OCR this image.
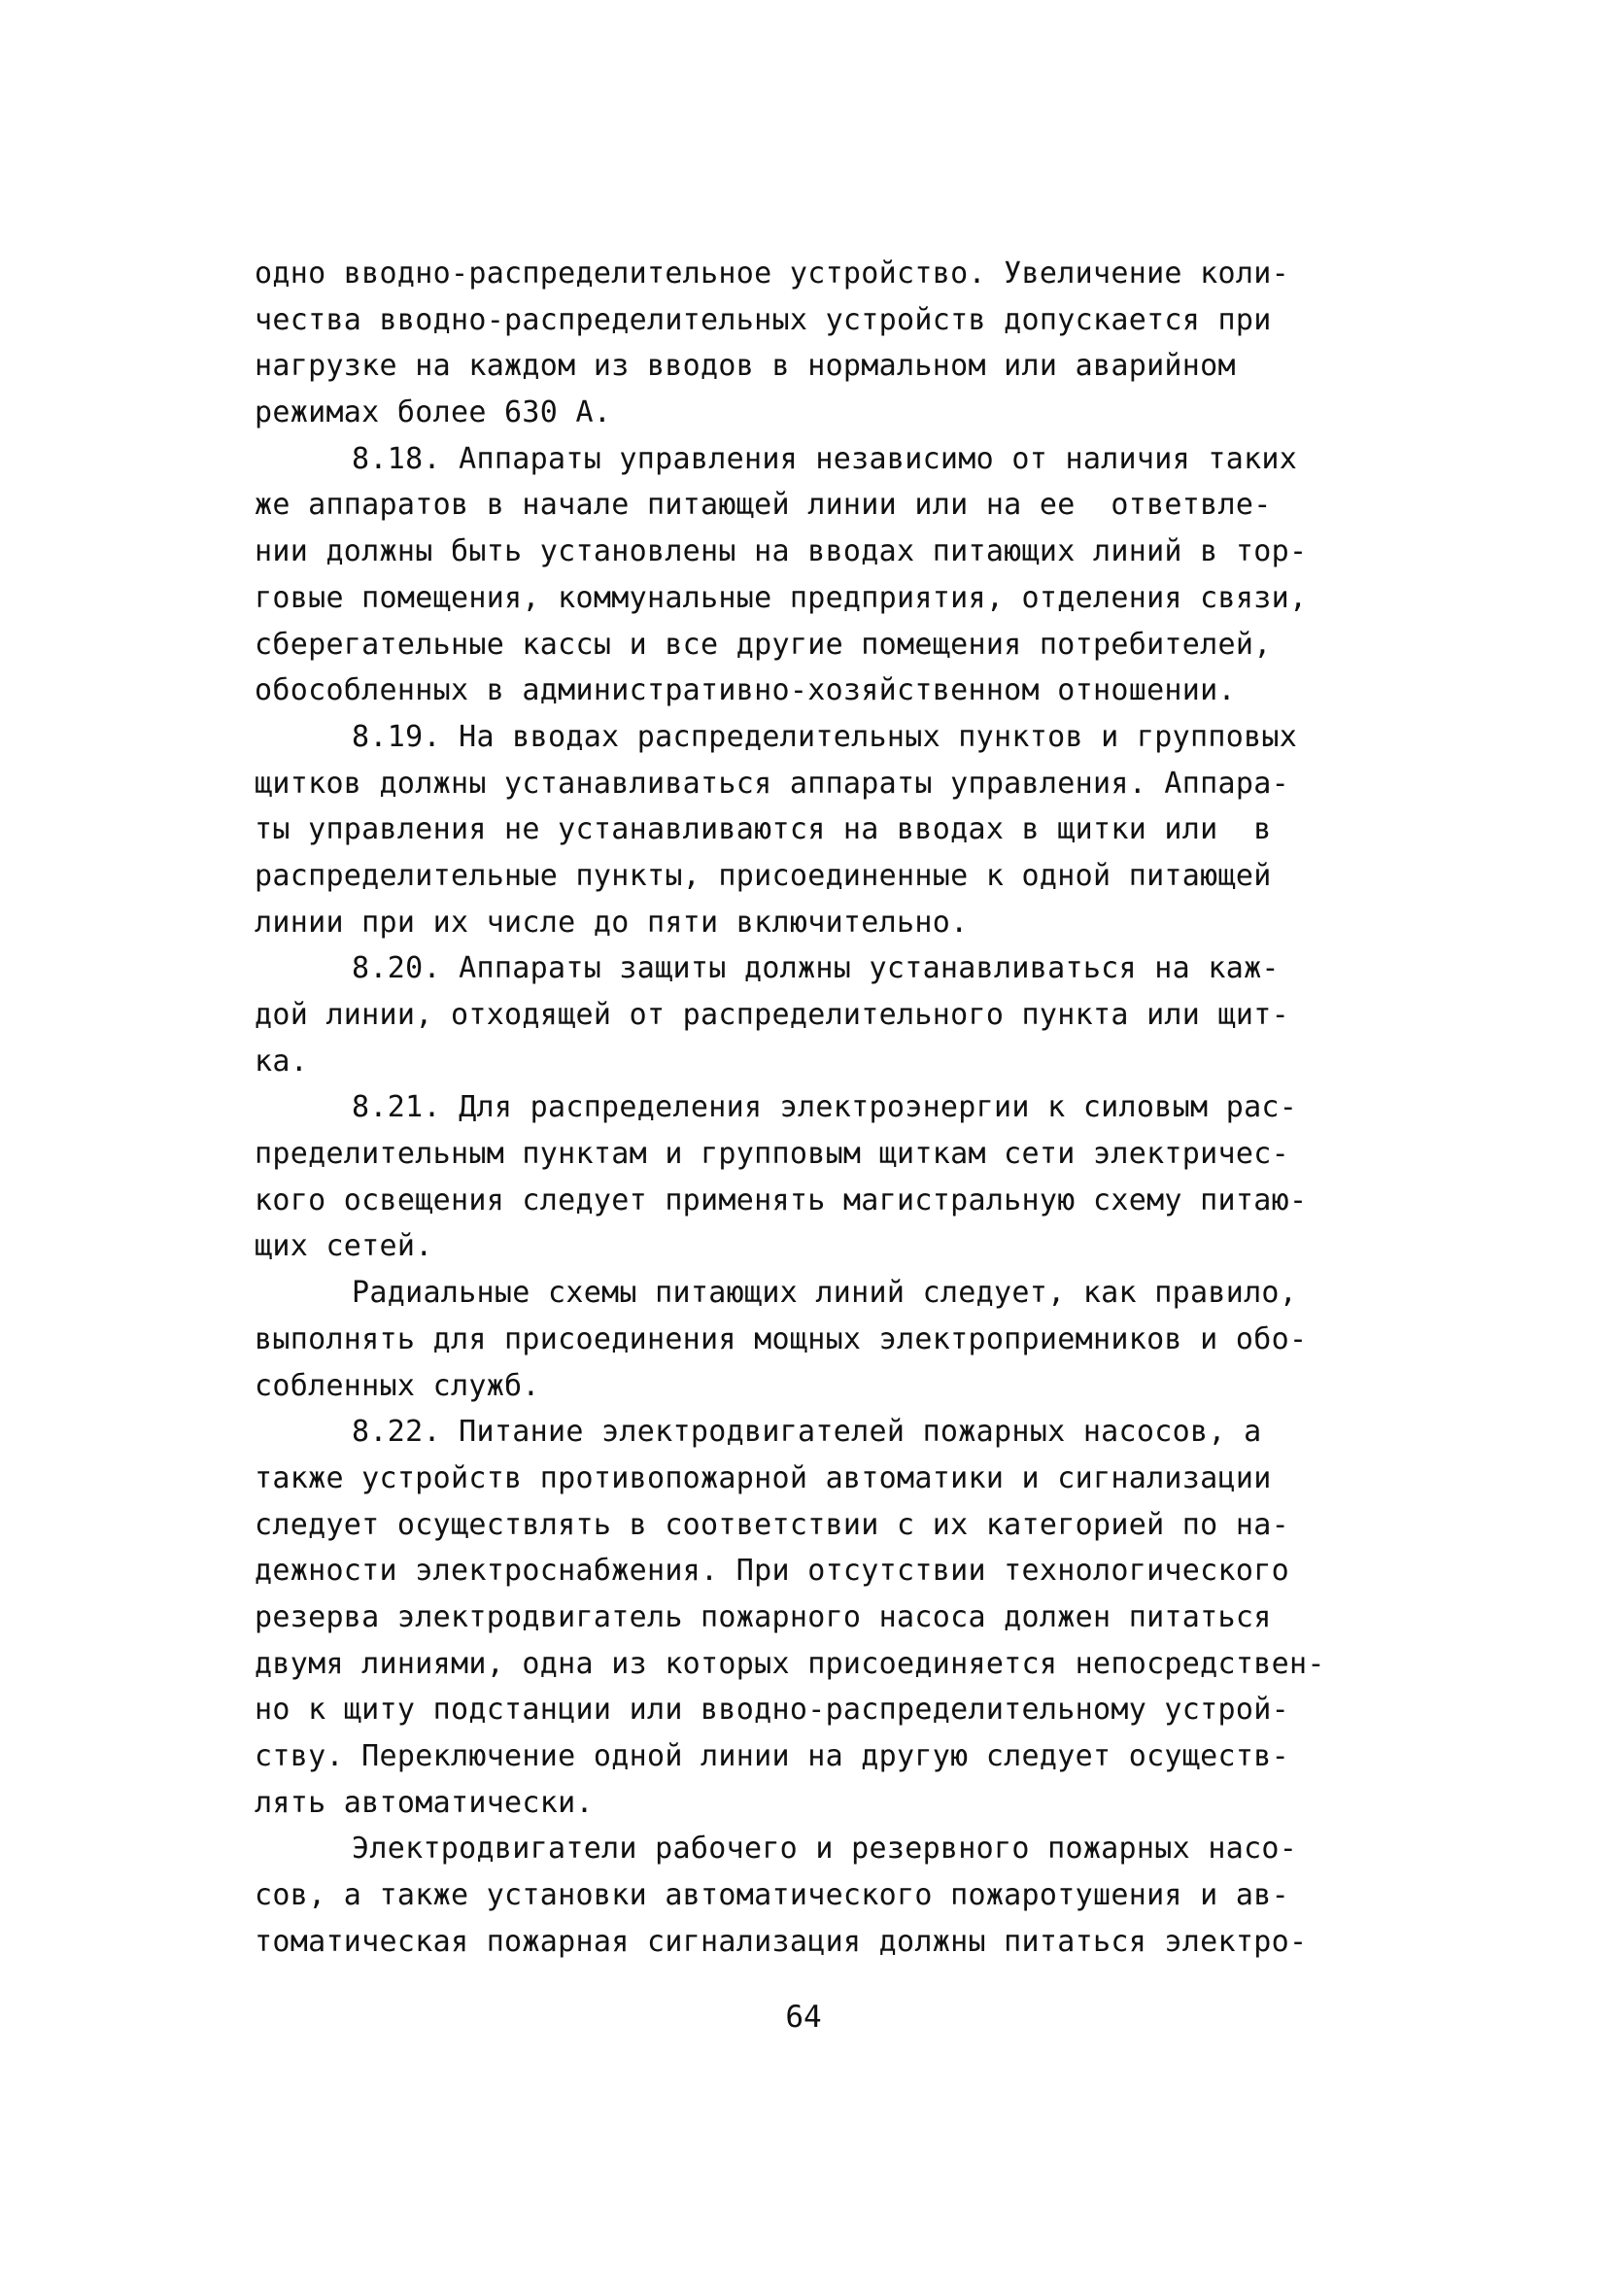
одно вводно-распределительное устройство. Увеличение коли-
чества вводно-распределительных устройств допускается при
нагрузке на каждом из вводов в нормальном или аварийном
режимах более 630 А.
8.18. Аппараты управления независимо от наличия таких
же аппаратов в начале питающей линии или на ее  ответвле-
нии должны быть установлены на вводах питающих линий в тор-
говые помещения, коммунальные предприятия, отделения связи,
сберегательные кассы и все другие помещения потребителей,
обособленных в административно-хозяйственном отношении.
8.19. На вводах распределительных пунктов и групповых
щитков должны устанавливаться аппараты управления. Аппара-
ты управления не устанавливаются на вводах в щитки или  в
распределительные пункты, присоединенные к одной питающей
линии при их числе до пяти включительно.
8.20. Аппараты защиты должны устанавливаться на каж-
дой линии, отходящей от распределительного пункта или щит-
ка.
8.21. Для распределения электроэнергии к силовым рас-
пределительным пунктам и групповым щиткам сети электричес-
кого освещения следует применять магистральную схему питаю-
щих сетей.
Радиальные схемы питающих линий следует, как правило,
выполнять для присоединения мощных электроприемников и обо-
собленных служб.
8.22. Питание электродвигателей пожарных насосов, а
также устройств противопожарной автоматики и сигнализации
следует осуществлять в соответствии с их категорией по на-
дежности электроснабжения. При отсутствии технологического
резерва электродвигатель пожарного насоса должен питаться
двумя линиями, одна из которых присоединяется непосредствен-
но к щиту подстанции или вводно-распределительному устрой-
ству. Переключение одной линии на другую следует осуществ-
лять автоматически.
Электродвигатели рабочего и резервного пожарных насо-
сов, а также установки автоматического пожаротушения и ав-
томатическая пожарная сигнализация должны питаться электро-
64
